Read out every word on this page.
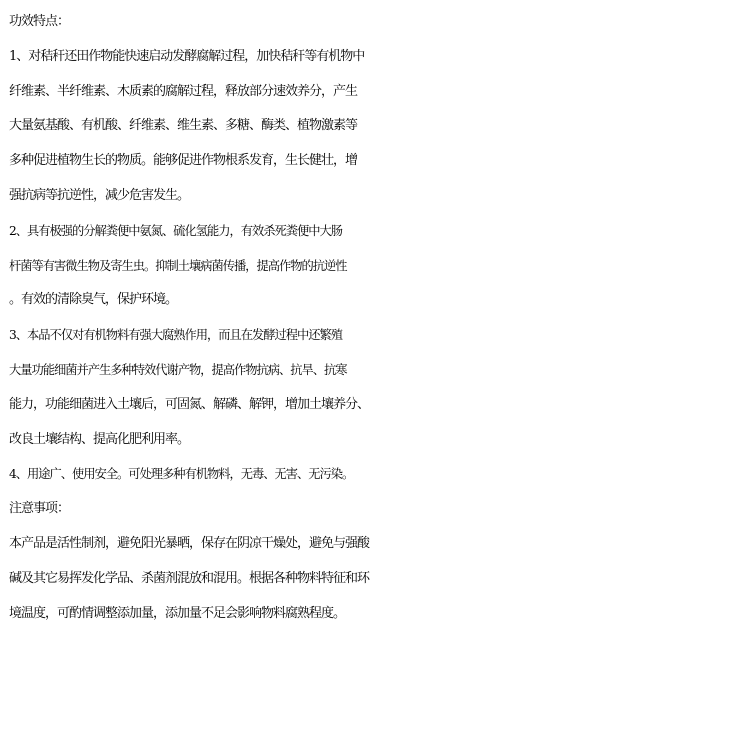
功效特点：
1、对秸秆还田作物能快速启动发酵腐解过程，加快秸秆等有机物中
纤维素、半纤维素、木质素的腐解过程，释放部分速效养分，产生
大量氨基酸、有机酸、纤维素、维生素、多糖、酶类、植物激素等
多种促进植物生长的物质。能够促进作物根系发育，生长健壮，增
强抗病等抗逆性，减少危害发生。
2、具有极强的分解粪便中氨氮、硫化氢能力，有效杀死粪便中大肠
杆菌等有害微生物及寄生虫。抑制土壤病菌传播，提高作物的抗逆性
。有效的清除臭气，保护环境。
3、本品不仅对有机物料有强大腐熟作用，而且在发酵过程中还繁殖
大量功能细菌并产生多种特效代谢产物，提高作物抗病、抗旱、抗寒
能力，功能细菌进入土壤后，可固氮、解磷、解钾，增加土壤养分、
改良土壤结构、提高化肥利用率。
4、用途广、使用安全。可处理多种有机物料，无毒、无害、无污染。
注意事项：
本产品是活性制剂，避免阳光暴晒，保存在阴凉干燥处，避免与强酸
碱及其它易挥发化学品、杀菌剂混放和混用。根据各种物料特征和环
境温度，可酌情调整添加量，添加量不足会影响物料腐熟程度。
